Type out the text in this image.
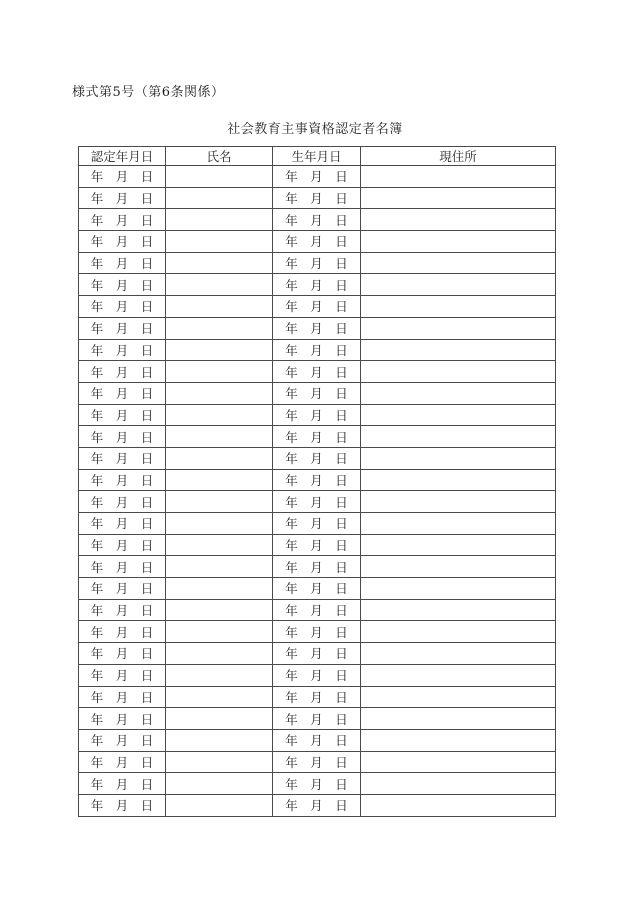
様式第5号（第6条関係）
社会教育主事資格認定者名簿
認定年月日	氏名	生年月日	現住所
年　月　日		年　月　日	
年　月　日		年　月　日	
年　月　日		年　月　日	
年　月　日		年　月　日	
年　月　日		年　月　日	
年　月　日		年　月　日	
年　月　日		年　月　日	
年　月　日		年　月　日	
年　月　日		年　月　日	
年　月　日		年　月　日	
年　月　日		年　月　日	
年　月　日		年　月　日	
年　月　日		年　月　日	
年　月　日		年　月　日	
年　月　日		年　月　日	
年　月　日		年　月　日	
年　月　日		年　月　日	
年　月　日		年　月　日	
年　月　日		年　月　日	
年　月　日		年　月　日	
年　月　日		年　月　日	
年　月　日		年　月　日	
年　月　日		年　月　日	
年　月　日		年　月　日	
年　月　日		年　月　日	
年　月　日		年　月　日	
年　月　日		年　月　日	
年　月　日		年　月　日	
年　月　日		年　月　日	
年　月　日		年　月　日	
